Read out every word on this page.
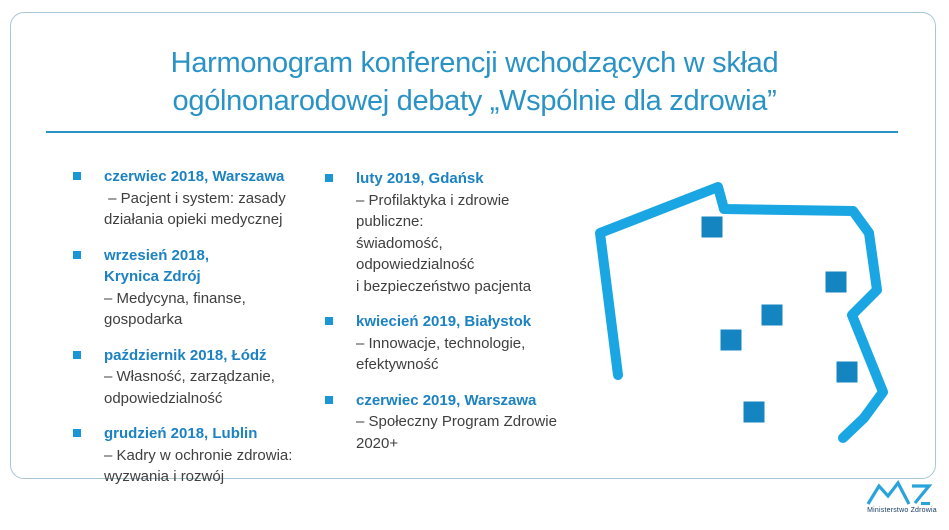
Harmonogram konferencji wchodzących w skład
ogólnonarodowej debaty „Wspólnie dla zdrowia”
czerwiec 2018, Warszawa
– Pacjent i system: zasady
działania opieki medycznej
wrzesień 2018,
Krynica Zdrój
– Medycyna, finanse,
gospodarka
październik 2018, Łódź
– Własność, zarządzanie,
odpowiedzialność
grudzień 2018, Lublin
– Kadry w ochronie zdrowia:
wyzwania i rozwój
luty 2019, Gdańsk
– Profilaktyka i zdrowie
publiczne:
świadomość,
odpowiedzialność
i bezpieczeństwo pacjenta
kwiecień 2019, Białystok
– Innowacje, technologie,
efektywność
czerwiec 2019, Warszawa
– Społeczny Program Zdrowie
2020+
Ministerstwo Zdrowia
